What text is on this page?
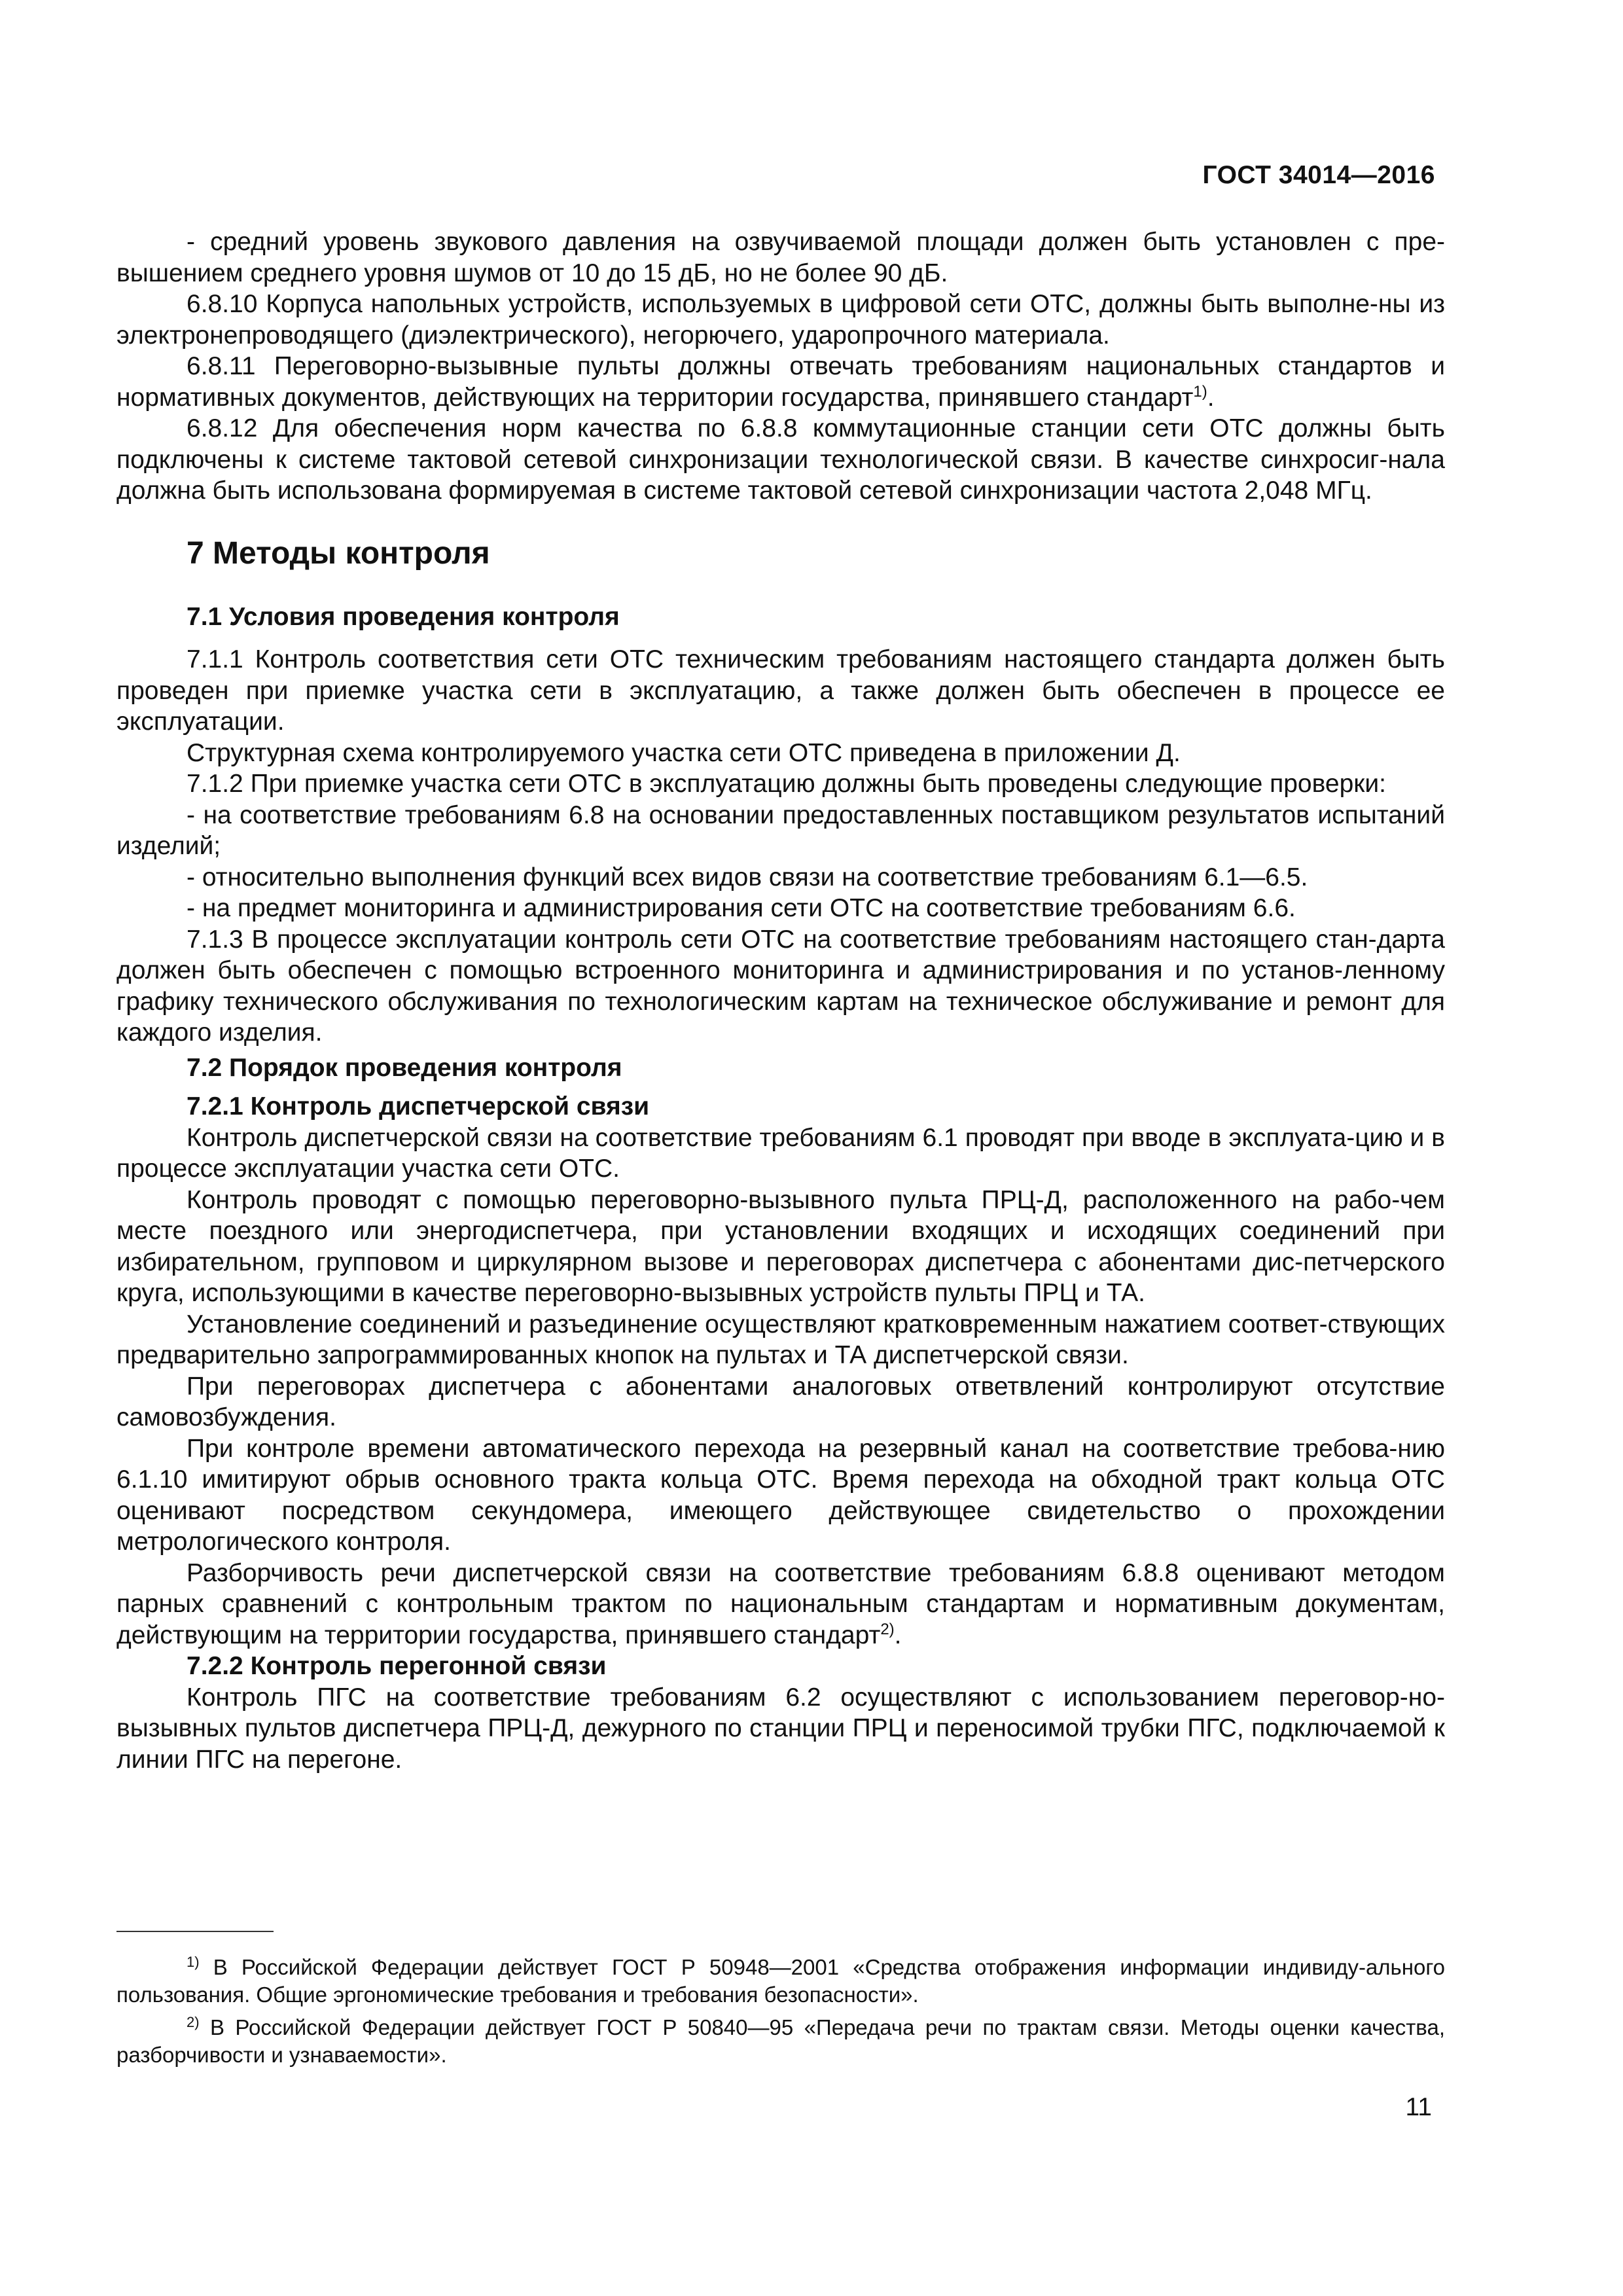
ГОСТ 34014—2016

- средний уровень звукового давления на озвучиваемой площади должен быть установлен с пре-вышением среднего уровня шумов от 10 до 15 дБ, но не более 90 дБ.

6.8.10 Корпуса напольных устройств, используемых в цифровой сети ОТС, должны быть выполне-ны из электронепроводящего (диэлектрического), негорючего, ударопрочного материала.

6.8.11 Переговорно-вызывные пульты должны отвечать требованиям национальных стандартов и нормативных документов, действующих на территории государства, принявшего стандарт$^{1)}$.

6.8.12 Для обеспечения норм качества по 6.8.8 коммутационные станции сети ОТС должны быть подключены к системе тактовой сетевой синхронизации технологической связи. В качестве синхросиг-нала должна быть использована формируемая в системе тактовой сетевой синхронизации частота 2,048 МГц.

7 Методы контроля
7.1 Условия проведения контроля

7.1.1 Контроль соответствия сети ОТС техническим требованиям настоящего стандарта должен быть проведен при приемке участка сети в эксплуатацию, а также должен быть обеспечен в процессе ее эксплуатации.

Структурная схема контролируемого участка сети ОТС приведена в приложении Д.

7.1.2 При приемке участка сети ОТС в эксплуатацию должны быть проведены следующие проверки:

- на соответствие требованиям 6.8 на основании предоставленных поставщиком результатов испытаний изделий;

- относительно выполнения функций всех видов связи на соответствие требованиям 6.1—6.5.

- на предмет мониторинга и администрирования сети ОТС на соответствие требованиям 6.6.

7.1.3 В процессе эксплуатации контроль сети ОТС на соответствие требованиям настоящего стан-дарта должен быть обеспечен с помощью встроенного мониторинга и администрирования и по установ-ленному графику технического обслуживания по технологическим картам на техническое обслуживание и ремонт для каждого изделия.

7.2 Порядок проведения контроля
7.2.1 Контроль диспетчерской связи

Контроль диспетчерской связи на соответствие требованиям 6.1 проводят при вводе в эксплуата-цию и в процессе эксплуатации участка сети ОТС.

Контроль проводят с помощью переговорно-вызывного пульта ПРЦ-Д, расположенного на рабо-чем месте поездного или энергодиспетчера, при установлении входящих и исходящих соединений при избирательном, групповом и циркулярном вызове и переговорах диспетчера с абонентами дис-петчерского круга, использующими в качестве переговорно-вызывных устройств пульты ПРЦ и ТА.

Установление соединений и разъединение осуществляют кратковременным нажатием соответ-ствующих предварительно запрограммированных кнопок на пультах и ТА диспетчерской связи.

При переговорах диспетчера с абонентами аналоговых ответвлений контролируют отсутствие самовозбуждения.

При контроле времени автоматического перехода на резервный канал на соответствие требова-нию 6.1.10 имитируют обрыв основного тракта кольца ОТС. Время перехода на обходной тракт кольца ОТС оценивают посредством секундомера, имеющего действующее свидетельство о прохождении метрологического контроля.

Разборчивость речи диспетчерской связи на соответствие требованиям 6.8.8 оценивают методом парных сравнений с контрольным трактом по национальным стандартам и нормативным документам, действующим на территории государства, принявшего стандарт$^{2)}$.

7.2.2 Контроль перегонной связи

Контроль ПГС на соответствие требованиям 6.2 осуществляют с использованием переговор-но-вызывных пультов диспетчера ПРЦ-Д, дежурного по станции ПРЦ и переносимой трубки ПГС, подключаемой к линии ПГС на перегоне.

$^{1)}$ В Российской Федерации действует ГОСТ Р 50948—2001 «Средства отображения информации индивиду-ального пользования. Общие эргономические требования и требования безопасности».

$^{2)}$ В Российской Федерации действует ГОСТ Р 50840—95 «Передача речи по трактам связи. Методы оценки качества, разборчивости и узнаваемости».

11
